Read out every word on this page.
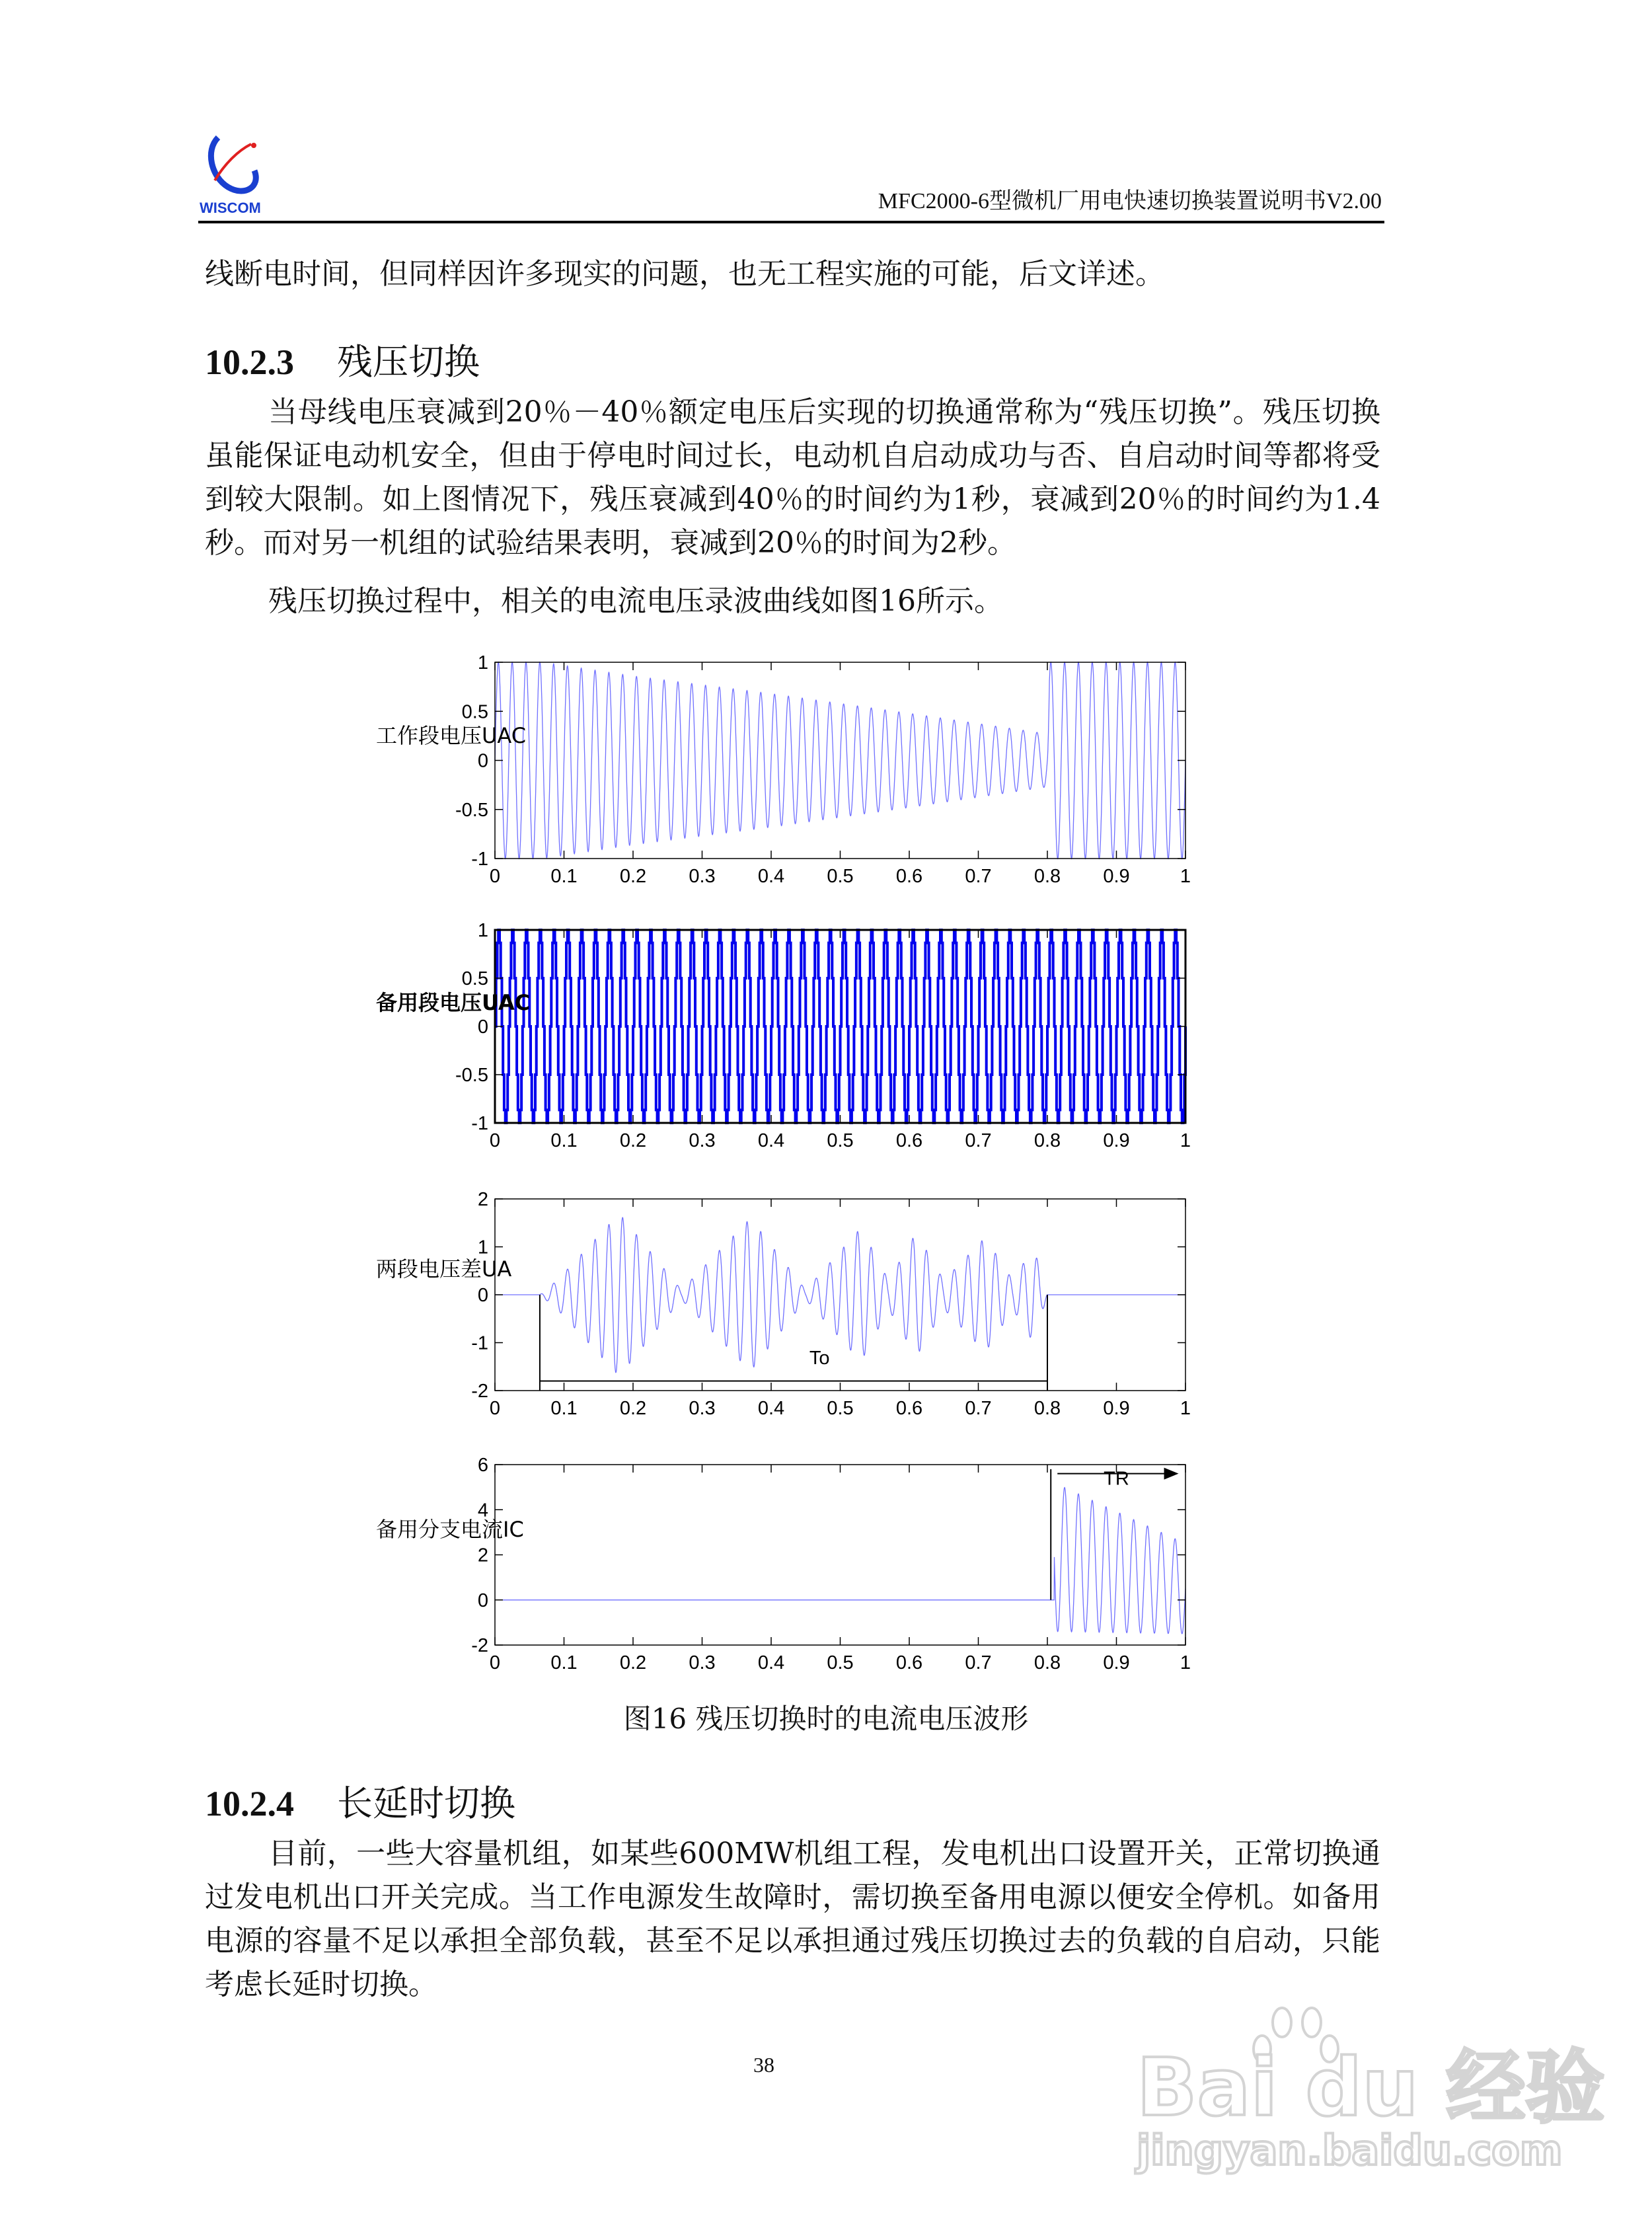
WISCOM	MFC2000-6型微机厂用电快速切换装置说明书V2.00
线断电时间，但同样因许多现实的问题，也无工程实施的可能，后文详述。
10.2.3 残压切换
当母线电压衰减到20％－40％额定电压后实现的切换通常称为“残压切换”。残压切换虽能保证电动机安全，但由于停电时间过长，电动机自启动成功与否、自启动时间等都将受到较大限制。如上图情况下，残压衰减到40％的时间约为1秒，衰减到20％的时间约为1.4秒。而对另一机组的试验结果表明，衰减到20％的时间为2秒。
残压切换过程中，相关的电流电压录波曲线如图16所示。
0	0.1 0.2 0.3 0.4 0.5 0.6 0.7 0.8 0.9	1
1
0.5
0
-0.5
-1
工作段电压UAC
0	0.1 0.2 0.3 0.4 0.5 0.6 0.7 0.8 0.9	1
1
0.5
0
-0.5
-1
备用段电压UAC
0	0.1 0.2 0.3 0.4 0.5 0.6 0.7 0.8 0.9	1
2
1
0
-1
-2
两段电压差UA
To
0	0.1 0.2 0.3 0.4 0.5 0.6 0.7 0.8 0.9	1
6
4
2
0
-2
备用分支电流IC
TR
图16 残压切换时的电流电压波形
10.2.4 长延时切换
目前，一些大容量机组，如某些600MW机组工程，发电机出口设置开关，正常切换通过发电机出口开关完成。当工作电源发生故障时，需切换至备用电源以便安全停机。如备用电源的容量不足以承担全部负载，甚至不足以承担通过残压切换过去的负载的自启动，只能考虑长延时切换。
38	Bai du 经验
jingyan.baidu.com
